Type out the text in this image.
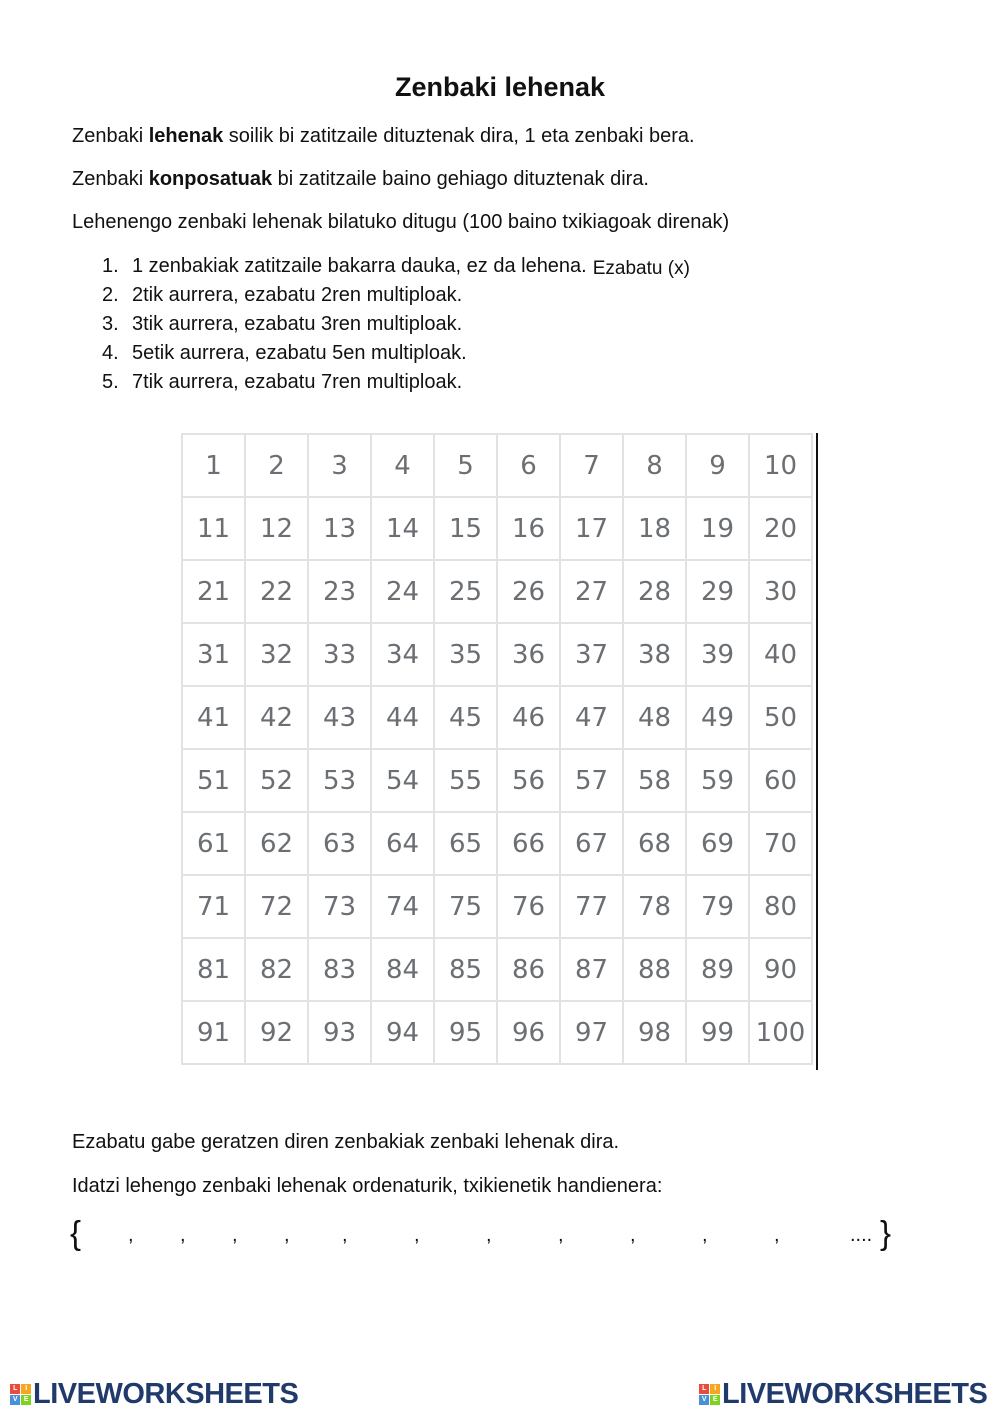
Zenbaki lehenak

Zenbaki lehenak soilik bi zatitzaile dituztenak dira, 1 eta zenbaki bera.

Zenbaki konposatuak bi zatitzaile baino gehiago dituztenak dira.

Lehenengo zenbaki lehenak bilatuko ditugu (100 baino txikiagoak direnak)

1. 1 zenbakiak zatitzaile bakarra dauka, ez da lehena. Ezabatu (x)
2. 2tik aurrera, ezabatu 2ren multiploak.
3. 3tik aurrera, ezabatu 3ren multiploak.
4. 5etik aurrera, ezabatu 5en multiploak.
5. 7tik aurrera, ezabatu 7ren multiploak.
1	2	3	4	5	6	7	8	9	10
11	12	13	14	15	16	17	18	19	20
21	22	23	24	25	26	27	28	29	30
31	32	33	34	35	36	37	38	39	40
41	42	43	44	45	46	47	48	49	50
51	52	53	54	55	56	57	58	59	60
61	62	63	64	65	66	67	68	69	70
71	72	73	74	75	76	77	78	79	80
81	82	83	84	85	86	87	88	89	90
91	92	93	94	95	96	97	98	99 100

Ezabatu gabe geratzen diren zenbakiak zenbaki lehenak dira.

Idatzi lehengo zenbaki lehenak ordenaturik, txikienetik handienera:

{	.... }
, , , ,	,	,	,	,	,	,	,
L	I
V E LIVEWORKSHEETS	L	I
V E LIVEWORKSHEETS
